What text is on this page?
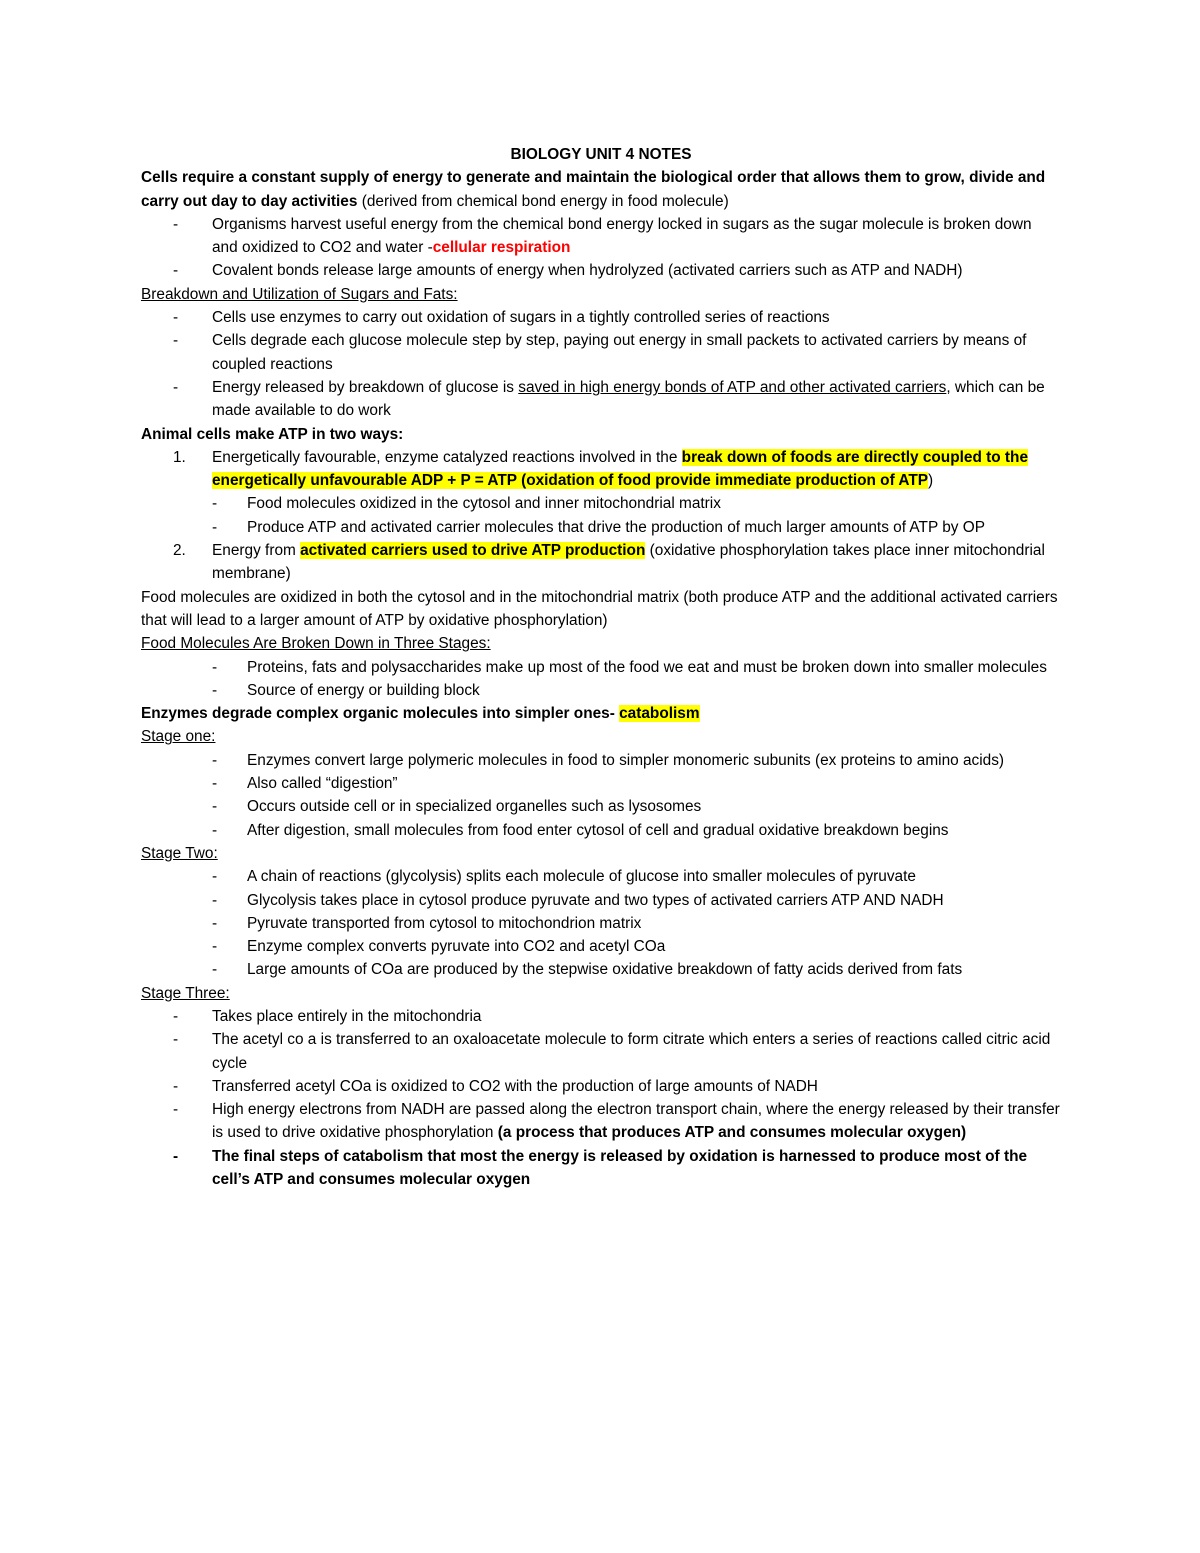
BIOLOGY UNIT 4 NOTES
Cells require a constant supply of energy to generate and maintain the biological order that allows them to grow, divide and carry out day to day activities (derived from chemical bond energy in food molecule)
- Organisms harvest useful energy from the chemical bond energy locked in sugars as the sugar molecule is broken down and oxidized to CO2 and water -cellular respiration
- Covalent bonds release large amounts of energy when hydrolyzed (activated carriers such as ATP and NADH)
Breakdown and Utilization of Sugars and Fats:
- Cells use enzymes to carry out oxidation of sugars in a tightly controlled series of reactions
- Cells degrade each glucose molecule step by step, paying out energy in small packets to activated carriers by means of coupled reactions
- Energy released by breakdown of glucose is saved in high energy bonds of ATP and other activated carriers, which can be made available to do work
Animal cells make ATP in two ways:
1. Energetically favourable, enzyme catalyzed reactions involved in the break down of foods are directly coupled to the energetically unfavourable ADP + P = ATP (oxidation of food provide immediate production of ATP)
- Food molecules oxidized in the cytosol and inner mitochondrial matrix
- Produce ATP and activated carrier molecules that drive the production of much larger amounts of ATP by OP
2. Energy from activated carriers used to drive ATP production (oxidative phosphorylation takes place inner mitochondrial membrane)
Food molecules are oxidized in both the cytosol and in the mitochondrial matrix (both produce ATP and the additional activated carriers that will lead to a larger amount of ATP by oxidative phosphorylation)
Food Molecules Are Broken Down in Three Stages:
- Proteins, fats and polysaccharides make up most of the food we eat and must be broken down into smaller molecules
- Source of energy or building block
Enzymes degrade complex organic molecules into simpler ones- catabolism
Stage one:
- Enzymes convert large polymeric molecules in food to simpler monomeric subunits (ex proteins to amino acids)
- Also called “digestion”
- Occurs outside cell or in specialized organelles such as lysosomes
- After digestion, small molecules from food enter cytosol of cell and gradual oxidative breakdown begins
Stage Two:
- A chain of reactions (glycolysis) splits each molecule of glucose into smaller molecules of pyruvate
- Glycolysis takes place in cytosol produce pyruvate and two types of activated carriers ATP AND NADH
- Pyruvate transported from cytosol to mitochondrion matrix
- Enzyme complex converts pyruvate into CO2 and acetyl COa
- Large amounts of COa are produced by the stepwise oxidative breakdown of fatty acids derived from fats
Stage Three:
- Takes place entirely in the mitochondria
- The acetyl co a is transferred to an oxaloacetate molecule to form citrate which enters a series of reactions called citric acid cycle
- Transferred acetyl COa is oxidized to CO2 with the production of large amounts of NADH
- High energy electrons from NADH are passed along the electron transport chain, where the energy released by their transfer is used to drive oxidative phosphorylation (a process that produces ATP and consumes molecular oxygen)
- The final steps of catabolism that most the energy is released by oxidation is harnessed to produce most of the cell’s ATP and consumes molecular oxygen
